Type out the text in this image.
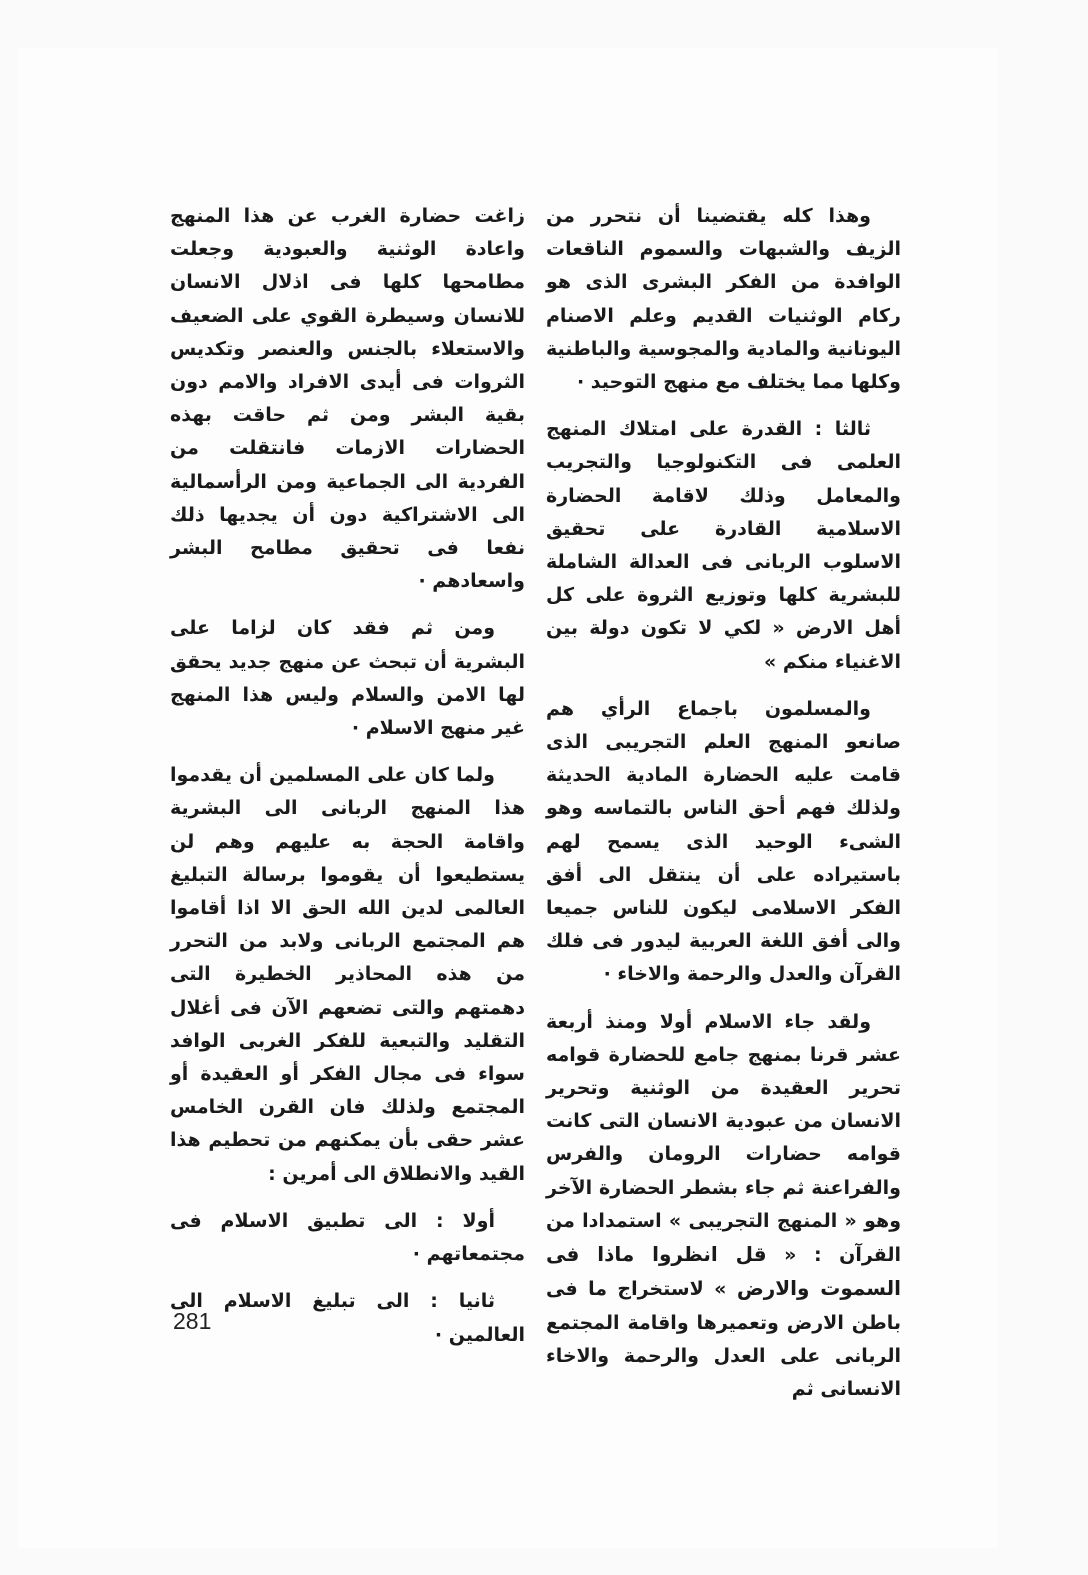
وهذا كله يقتضينا أن نتحرر من الزيف والشبهات والسموم الناقعات الوافدة من الفكر البشرى الذى هو ركام الوثنيات القديم وعلم الاصنام اليونانية والمادية والمجوسية والباطنية وكلها مما يختلف مع منهج التوحيد ·

ثالثا : القدرة على امتلاك المنهج العلمى فى التكنولوجيا والتجريب والمعامل وذلك لاقامة الحضارة الاسلامية القادرة على تحقيق الاسلوب الربانى فى العدالة الشاملة للبشرية كلها وتوزيع الثروة على كل أهل الارض « لكي لا تكون دولة بين الاغنياء منكم »

والمسلمون باجماع الرأي هم صانعو المنهج العلم التجريبى الذى قامت عليه الحضارة المادية الحديثة ولذلك فهم أحق الناس بالتماسه وهو الشىء الوحيد الذى يسمح لهم باستيراده على أن ينتقل الى أفق الفكر الاسلامى ليكون للناس جميعا والى أفق اللغة العربية ليدور فى فلك القرآن والعدل والرحمة والاخاء ·

ولقد جاء الاسلام أولا ومنذ أربعة عشر قرنا بمنهج جامع للحضارة قوامه تحرير العقيدة من الوثنية وتحرير الانسان من عبودية الانسان التى كانت قوامه حضارات الرومان والفرس والفراعنة ثم جاء بشطر الحضارة الآخر وهو « المنهج التجريبى » استمدادا من القرآن : « قل انظروا ماذا فى السموت والارض » لاستخراج ما فى باطن الارض وتعميرها واقامة المجتمع الربانى على العدل والرحمة والاخاء الانسانى ثم

زاغت حضارة الغرب عن هذا المنهج واعادة الوثنية والعبودية وجعلت مطامحها كلها فى اذلال الانسان للانسان وسيطرة القوي على الضعيف والاستعلاء بالجنس والعنصر وتكديس الثروات فى أيدى الافراد والامم دون بقية البشر ومن ثم حاقت بهذه الحضارات الازمات فانتقلت من الفردية الى الجماعية ومن الرأسمالية الى الاشتراكية دون أن يجديها ذلك نفعا فى تحقيق مطامح البشر واسعادهم ·

ومن ثم فقد كان لزاما على البشرية أن تبحث عن منهج جديد يحقق لها الامن والسلام وليس هذا المنهج غير منهج الاسلام ·

ولما كان على المسلمين أن يقدموا هذا المنهج الربانى الى البشرية واقامة الحجة به عليهم وهم لن يستطيعوا أن يقوموا برسالة التبليغ العالمى لدين الله الحق الا اذا أقاموا هم المجتمع الربانى ولابد من التحرر من هذه المحاذير الخطيرة التى دهمتهم والتى تضعهم الآن فى أغلال التقليد والتبعية للفكر الغربى الوافد سواء فى مجال الفكر أو العقيدة أو المجتمع ولذلك فان القرن الخامس عشر حقى بأن يمكنهم من تحطيم هذا القيد والانطلاق الى أمرين :

أولا : الى تطبيق الاسلام فى مجتمعاتهم ·

ثانيا : الى تبليغ الاسلام الى العالمين ·

281
